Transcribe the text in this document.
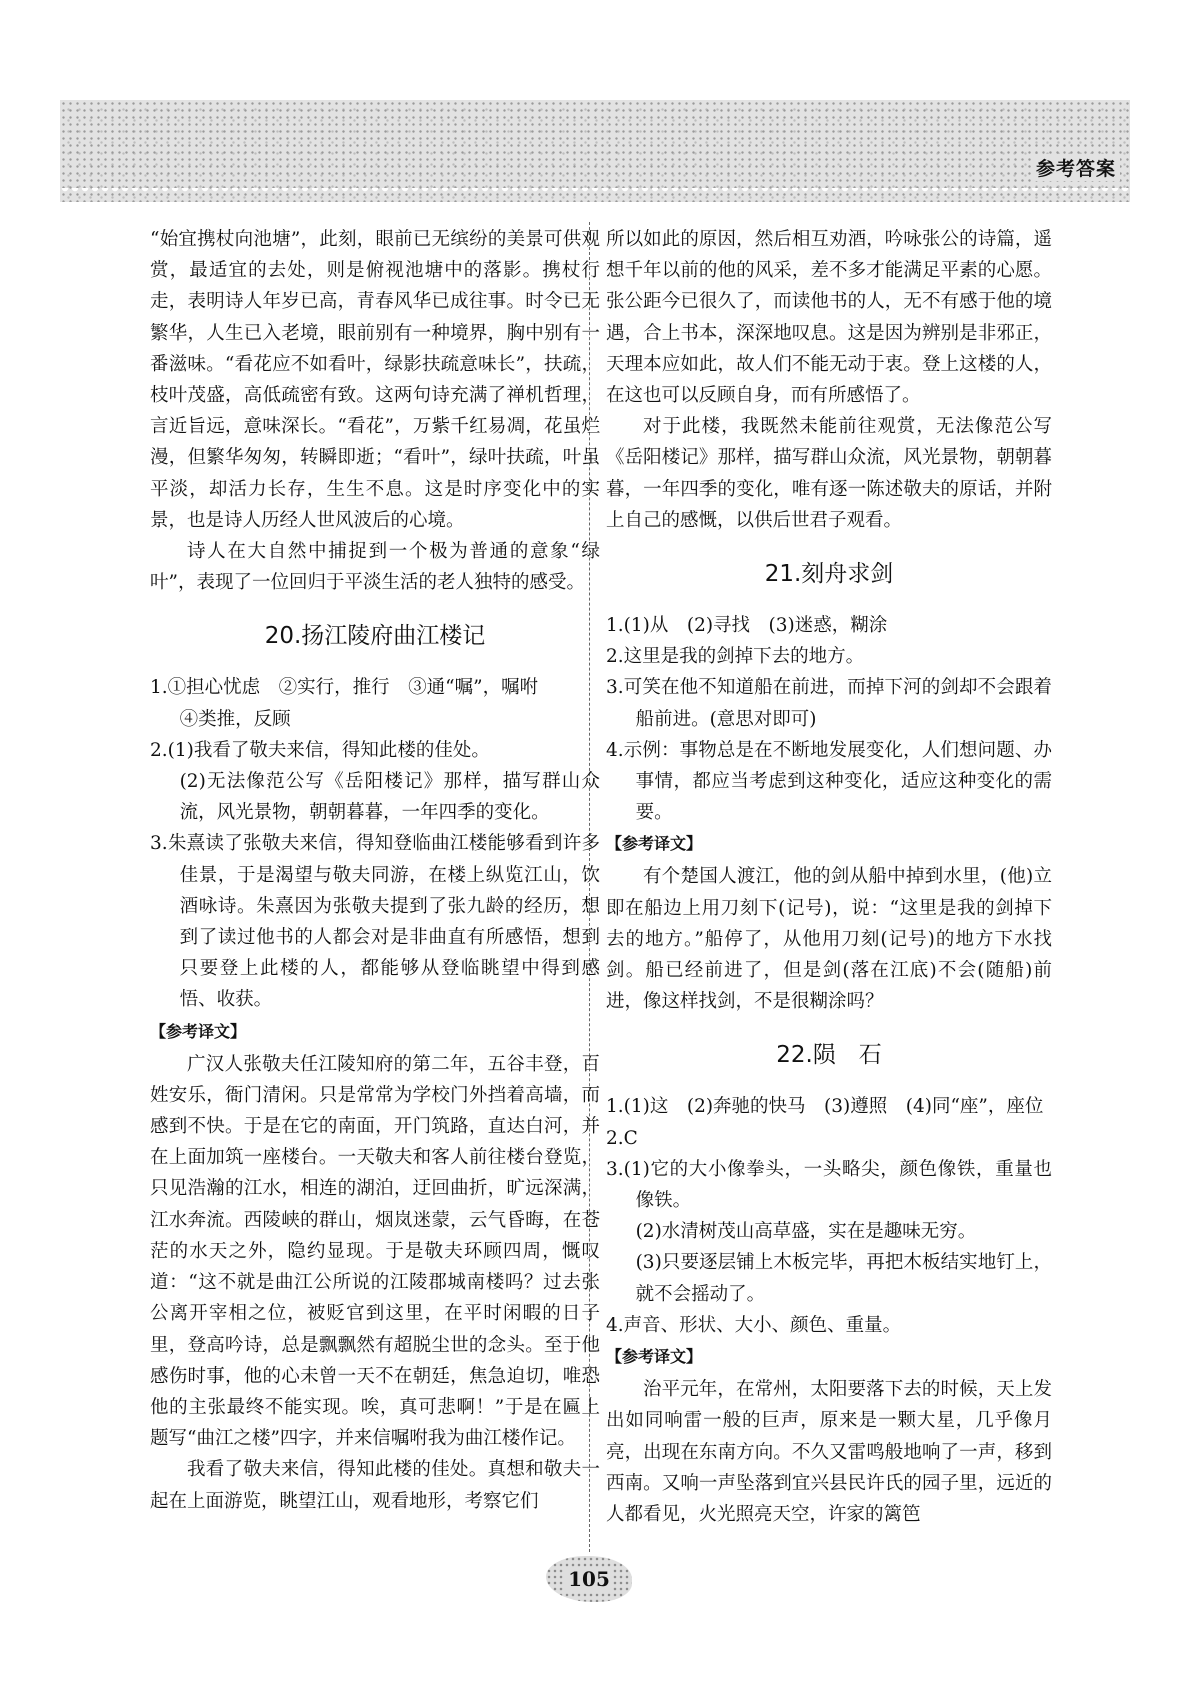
参考答案

“始宜携杖向池塘”，此刻，眼前已无缤纷的美景可供观赏，最适宜的去处，则是俯视池塘中的落影。携杖行走，表明诗人年岁已高，青春风华已成往事。时令已无繁华，人生已入老境，眼前别有一种境界，胸中别有一番滋味。“看花应不如看叶，绿影扶疏意味长”，扶疏，枝叶茂盛，高低疏密有致。这两句诗充满了禅机哲理，言近旨远，意味深长。“看花”，万紫千红易凋，花虽烂漫，但繁华匆匆，转瞬即逝；“看叶”，绿叶扶疏，叶虽平淡，却活力长存，生生不息。这是时序变化中的实景，也是诗人历经人世风波后的心境。

诗人在大自然中捕捉到一个极为普通的意象“绿叶”，表现了一位回归于平淡生活的老人独特的感受。

20.扬江陵府曲江楼记

1.①担心忧虑　②实行，推行　③通“嘱”，嘱咐

④类推，反顾

2.(1)我看了敬夫来信，得知此楼的佳处。

(2)无法像范公写《岳阳楼记》那样，描写群山众流，风光景物，朝朝暮暮，一年四季的变化。

3.朱熹读了张敬夫来信，得知登临曲江楼能够看到许多佳景，于是渴望与敬夫同游，在楼上纵览江山，饮酒咏诗。朱熹因为张敬夫提到了张九龄的经历，想到了读过他书的人都会对是非曲直有所感悟，想到只要登上此楼的人，都能够从登临眺望中得到感悟、收获。

【参考译文】

广汉人张敬夫任江陵知府的第二年，五谷丰登，百姓安乐，衙门清闲。只是常常为学校门外挡着高墙，而感到不快。于是在它的南面，开门筑路，直达白河，并在上面加筑一座楼台。一天敬夫和客人前往楼台登览，只见浩瀚的江水，相连的湖泊，迂回曲折，旷远深满，江水奔流。西陵峡的群山，烟岚迷蒙，云气昏晦，在苍茫的水天之外，隐约显现。于是敬夫环顾四周，慨叹道：“这不就是曲江公所说的江陵郡城南楼吗？过去张公离开宰相之位，被贬官到这里，在平时闲暇的日子里，登高吟诗，总是飘飘然有超脱尘世的念头。至于他感伤时事，他的心未曾一天不在朝廷，焦急迫切，唯恐他的主张最终不能实现。唉，真可悲啊！”于是在匾上题写“曲江之楼”四字，并来信嘱咐我为曲江楼作记。

我看了敬夫来信，得知此楼的佳处。真想和敬夫一起在上面游览，眺望江山，观看地形，考察它们

所以如此的原因，然后相互劝酒，吟咏张公的诗篇，遥想千年以前的他的风采，差不多才能满足平素的心愿。张公距今已很久了，而读他书的人，无不有感于他的境遇，合上书本，深深地叹息。这是因为辨别是非邪正，天理本应如此，故人们不能无动于衷。登上这楼的人，在这也可以反顾自身，而有所感悟了。

对于此楼，我既然未能前往观赏，无法像范公写《岳阳楼记》那样，描写群山众流，风光景物，朝朝暮暮，一年四季的变化，唯有逐一陈述敬夫的原话，并附上自己的感慨，以供后世君子观看。

21.刻舟求剑

1.(1)从　(2)寻找　(3)迷惑，糊涂

2.这里是我的剑掉下去的地方。

3.可笑在他不知道船在前进，而掉下河的剑却不会跟着船前进。(意思对即可)

4.示例：事物总是在不断地发展变化，人们想问题、办事情，都应当考虑到这种变化，适应这种变化的需要。

【参考译文】

有个楚国人渡江，他的剑从船中掉到水里，(他)立即在船边上用刀刻下(记号)，说：“这里是我的剑掉下去的地方。”船停了，从他用刀刻(记号)的地方下水找剑。船已经前进了，但是剑(落在江底)不会(随船)前进，像这样找剑，不是很糊涂吗？

22.陨　石

1.(1)这　(2)奔驰的快马　(3)遵照　(4)同“座”，座位

2.C

3.(1)它的大小像拳头，一头略尖，颜色像铁，重量也像铁。

(2)水清树茂山高草盛，实在是趣味无穷。

(3)只要逐层铺上木板完毕，再把木板结实地钉上，就不会摇动了。

4.声音、形状、大小、颜色、重量。

【参考译文】

治平元年，在常州，太阳要落下去的时候，天上发出如同响雷一般的巨声，原来是一颗大星，几乎像月亮，出现在东南方向。不久又雷鸣般地响了一声，移到西南。又响一声坠落到宜兴县民许氏的园子里，远近的人都看见，火光照亮天空，许家的篱笆

105
